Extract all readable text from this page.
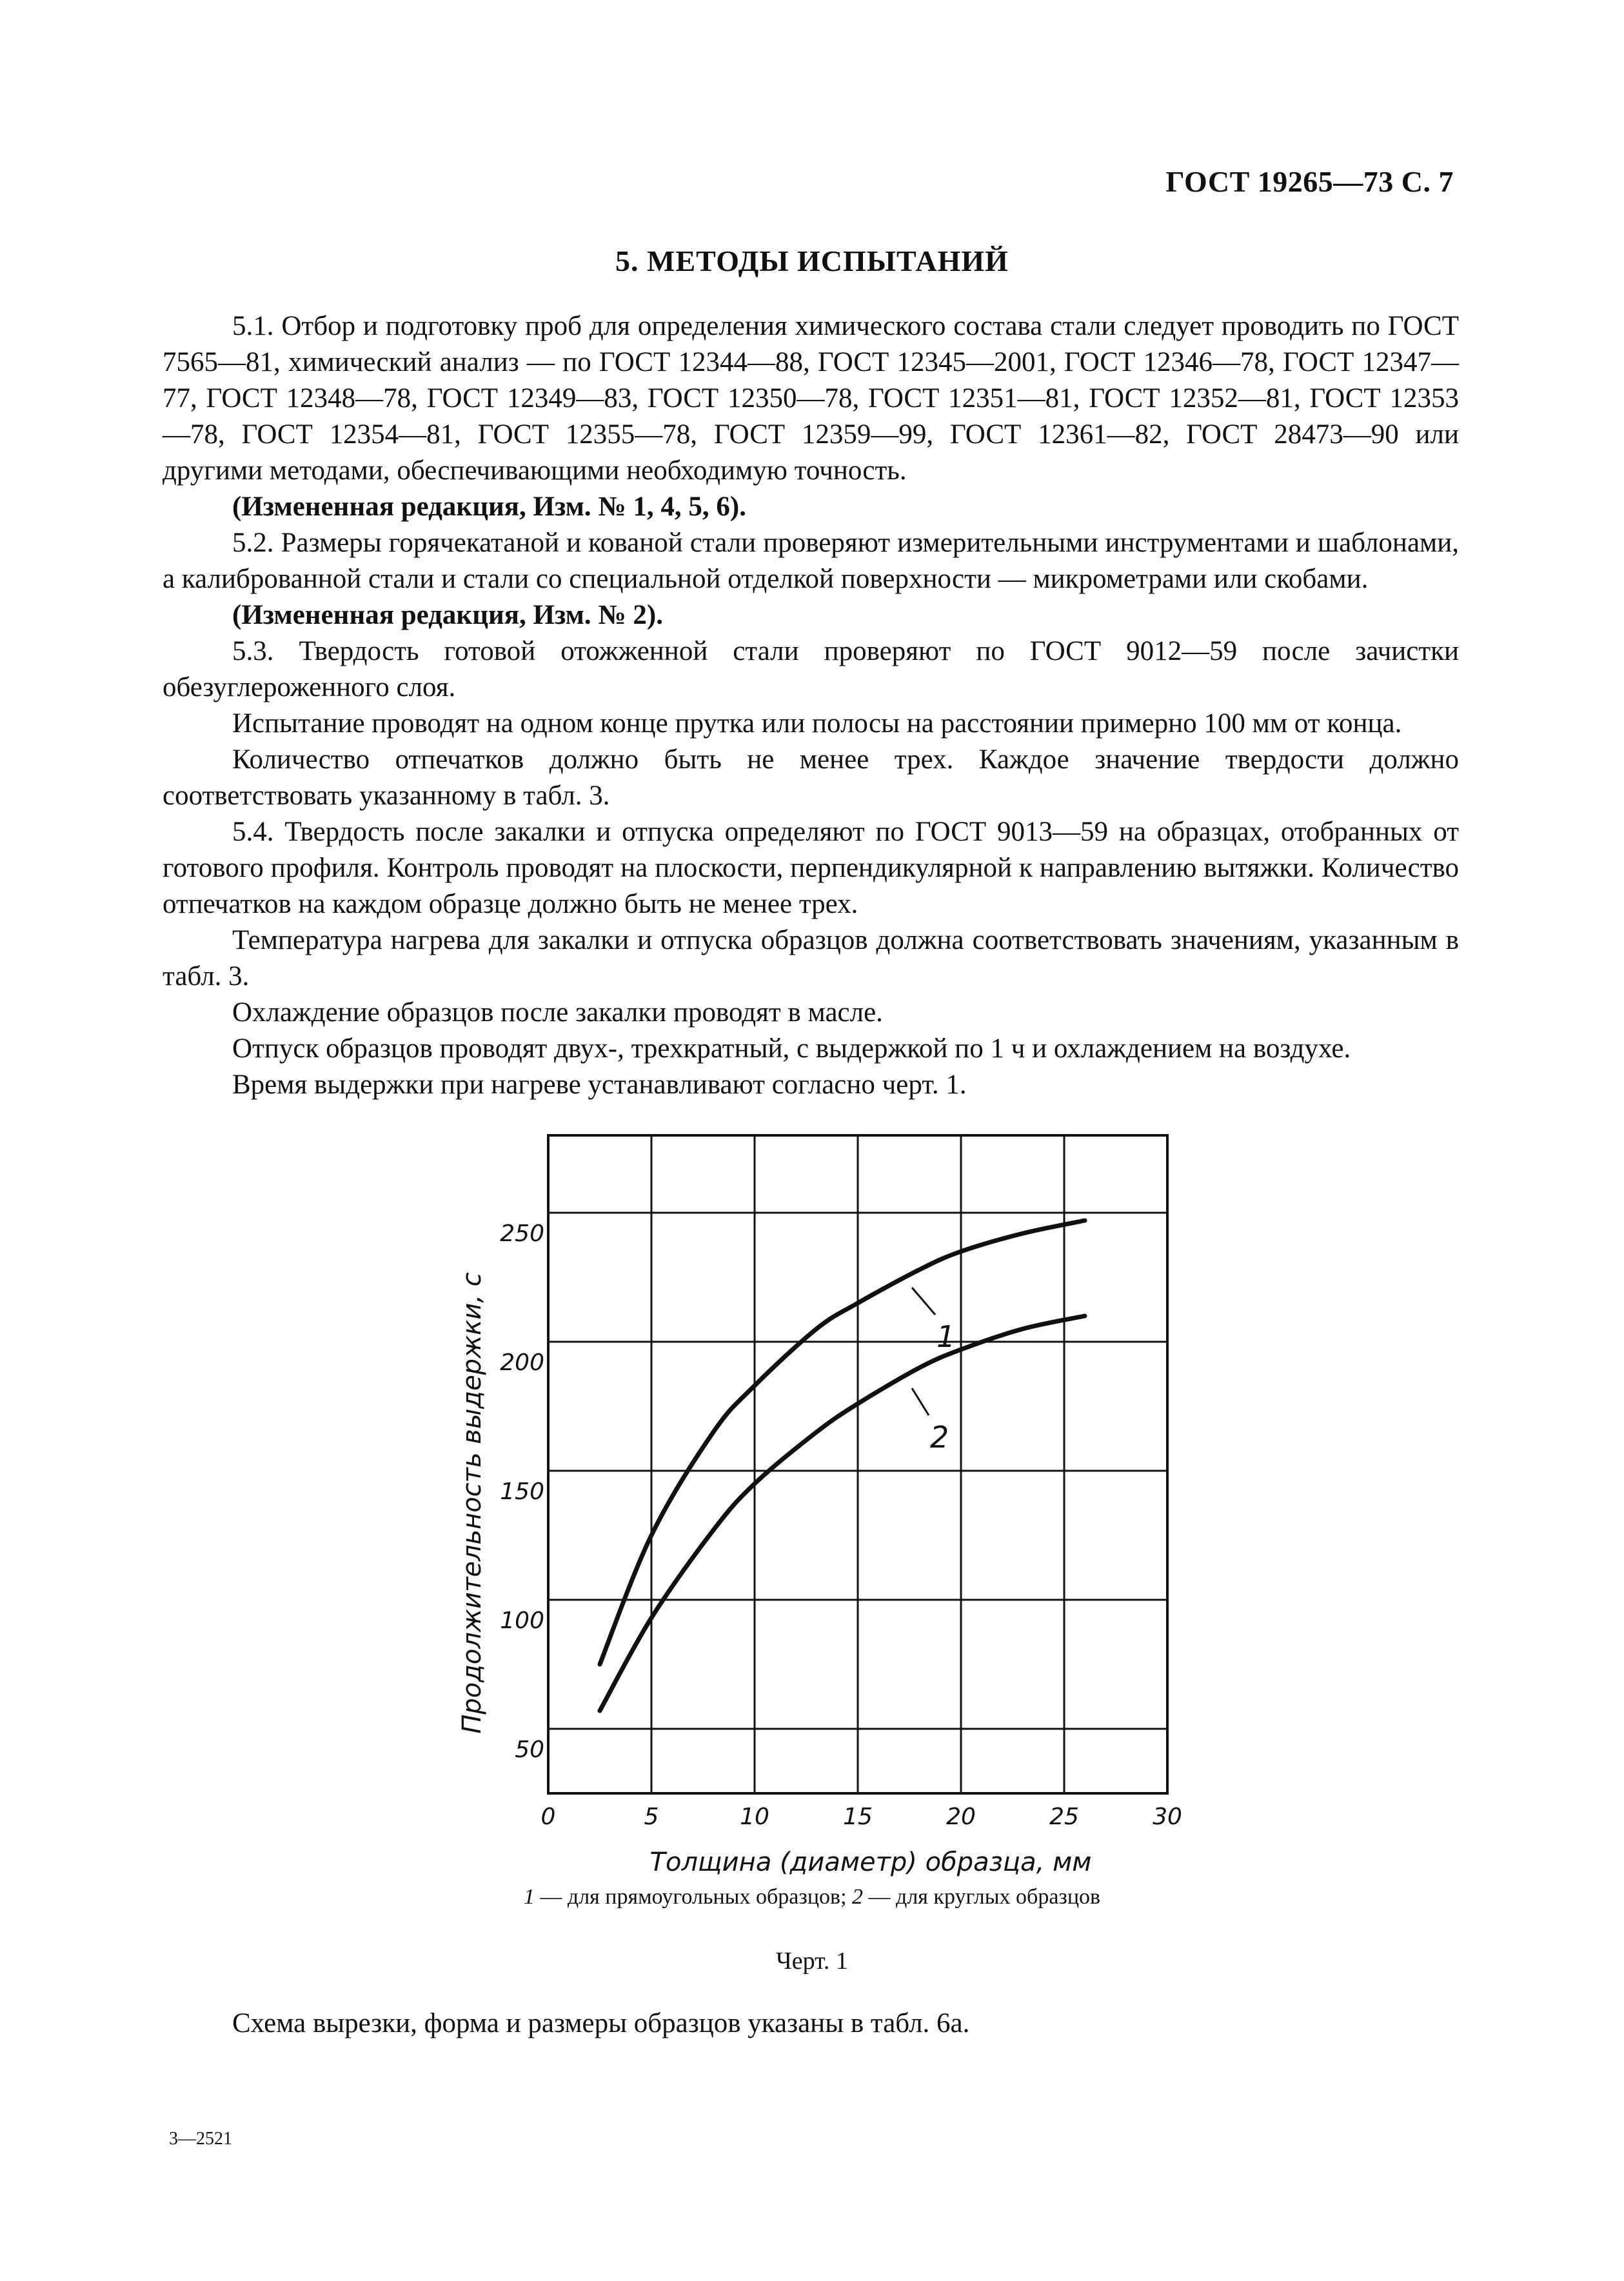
ГОСТ 19265—73 С. 7
5. МЕТОДЫ ИСПЫТАНИЙ

5.1. Отбор и подготовку проб для определения химического состава стали следует проводить по ГОСТ 7565—81, химический анализ — по ГОСТ 12344—88, ГОСТ 12345—2001, ГОСТ 12346—78, ГОСТ 12347—77, ГОСТ 12348—78, ГОСТ 12349—83, ГОСТ 12350—78, ГОСТ 12351—81, ГОСТ 12352—81, ГОСТ 12353—78, ГОСТ 12354—81, ГОСТ 12355—78, ГОСТ 12359—99, ГОСТ 12361—82, ГОСТ 28473—90 или другими методами, обеспечивающими необходимую точность.

(Измененная редакция, Изм. № 1, 4, 5, 6).

5.2. Размеры горячекатаной и кованой стали проверяют измерительными инструментами и шаблонами, а калиброванной стали и стали со специальной отделкой поверхности — микрометрами или скобами.

(Измененная редакция, Изм. № 2).

5.3. Твердость готовой отожженной стали проверяют по ГОСТ 9012—59 после зачистки обезуглероженного слоя.

Испытание проводят на одном конце прутка или полосы на расстоянии примерно 100 мм от конца.

Количество отпечатков должно быть не менее трех. Каждое значение твердости должно соответствовать указанному в табл. 3.

5.4. Твердость после закалки и отпуска определяют по ГОСТ 9013—59 на образцах, отобранных от готового профиля. Контроль проводят на плоскости, перпендикулярной к направлению вытяжки. Количество отпечатков на каждом образце должно быть не менее трех.

Температура нагрева для закалки и отпуска образцов должна соответствовать значениям, указанным в табл. 3.

Охлаждение образцов после закалки проводят в масле.

Отпуск образцов проводят двух-, трехкратный, с выдержкой по 1 ч и охлаждением на воздухе.

Время выдержки при нагреве устанавливают согласно черт. 1.

0	5	10	15	20	25	30
50
100
150
200
250
1
2
Толщина (диаметр) образца, мм
Продолжительность выдержки, с
1 — для прямоугольных образцов; 2 — для круглых образцов
Черт. 1
Схема вырезки, форма и размеры образцов указаны в табл. 6а.
3—2521
